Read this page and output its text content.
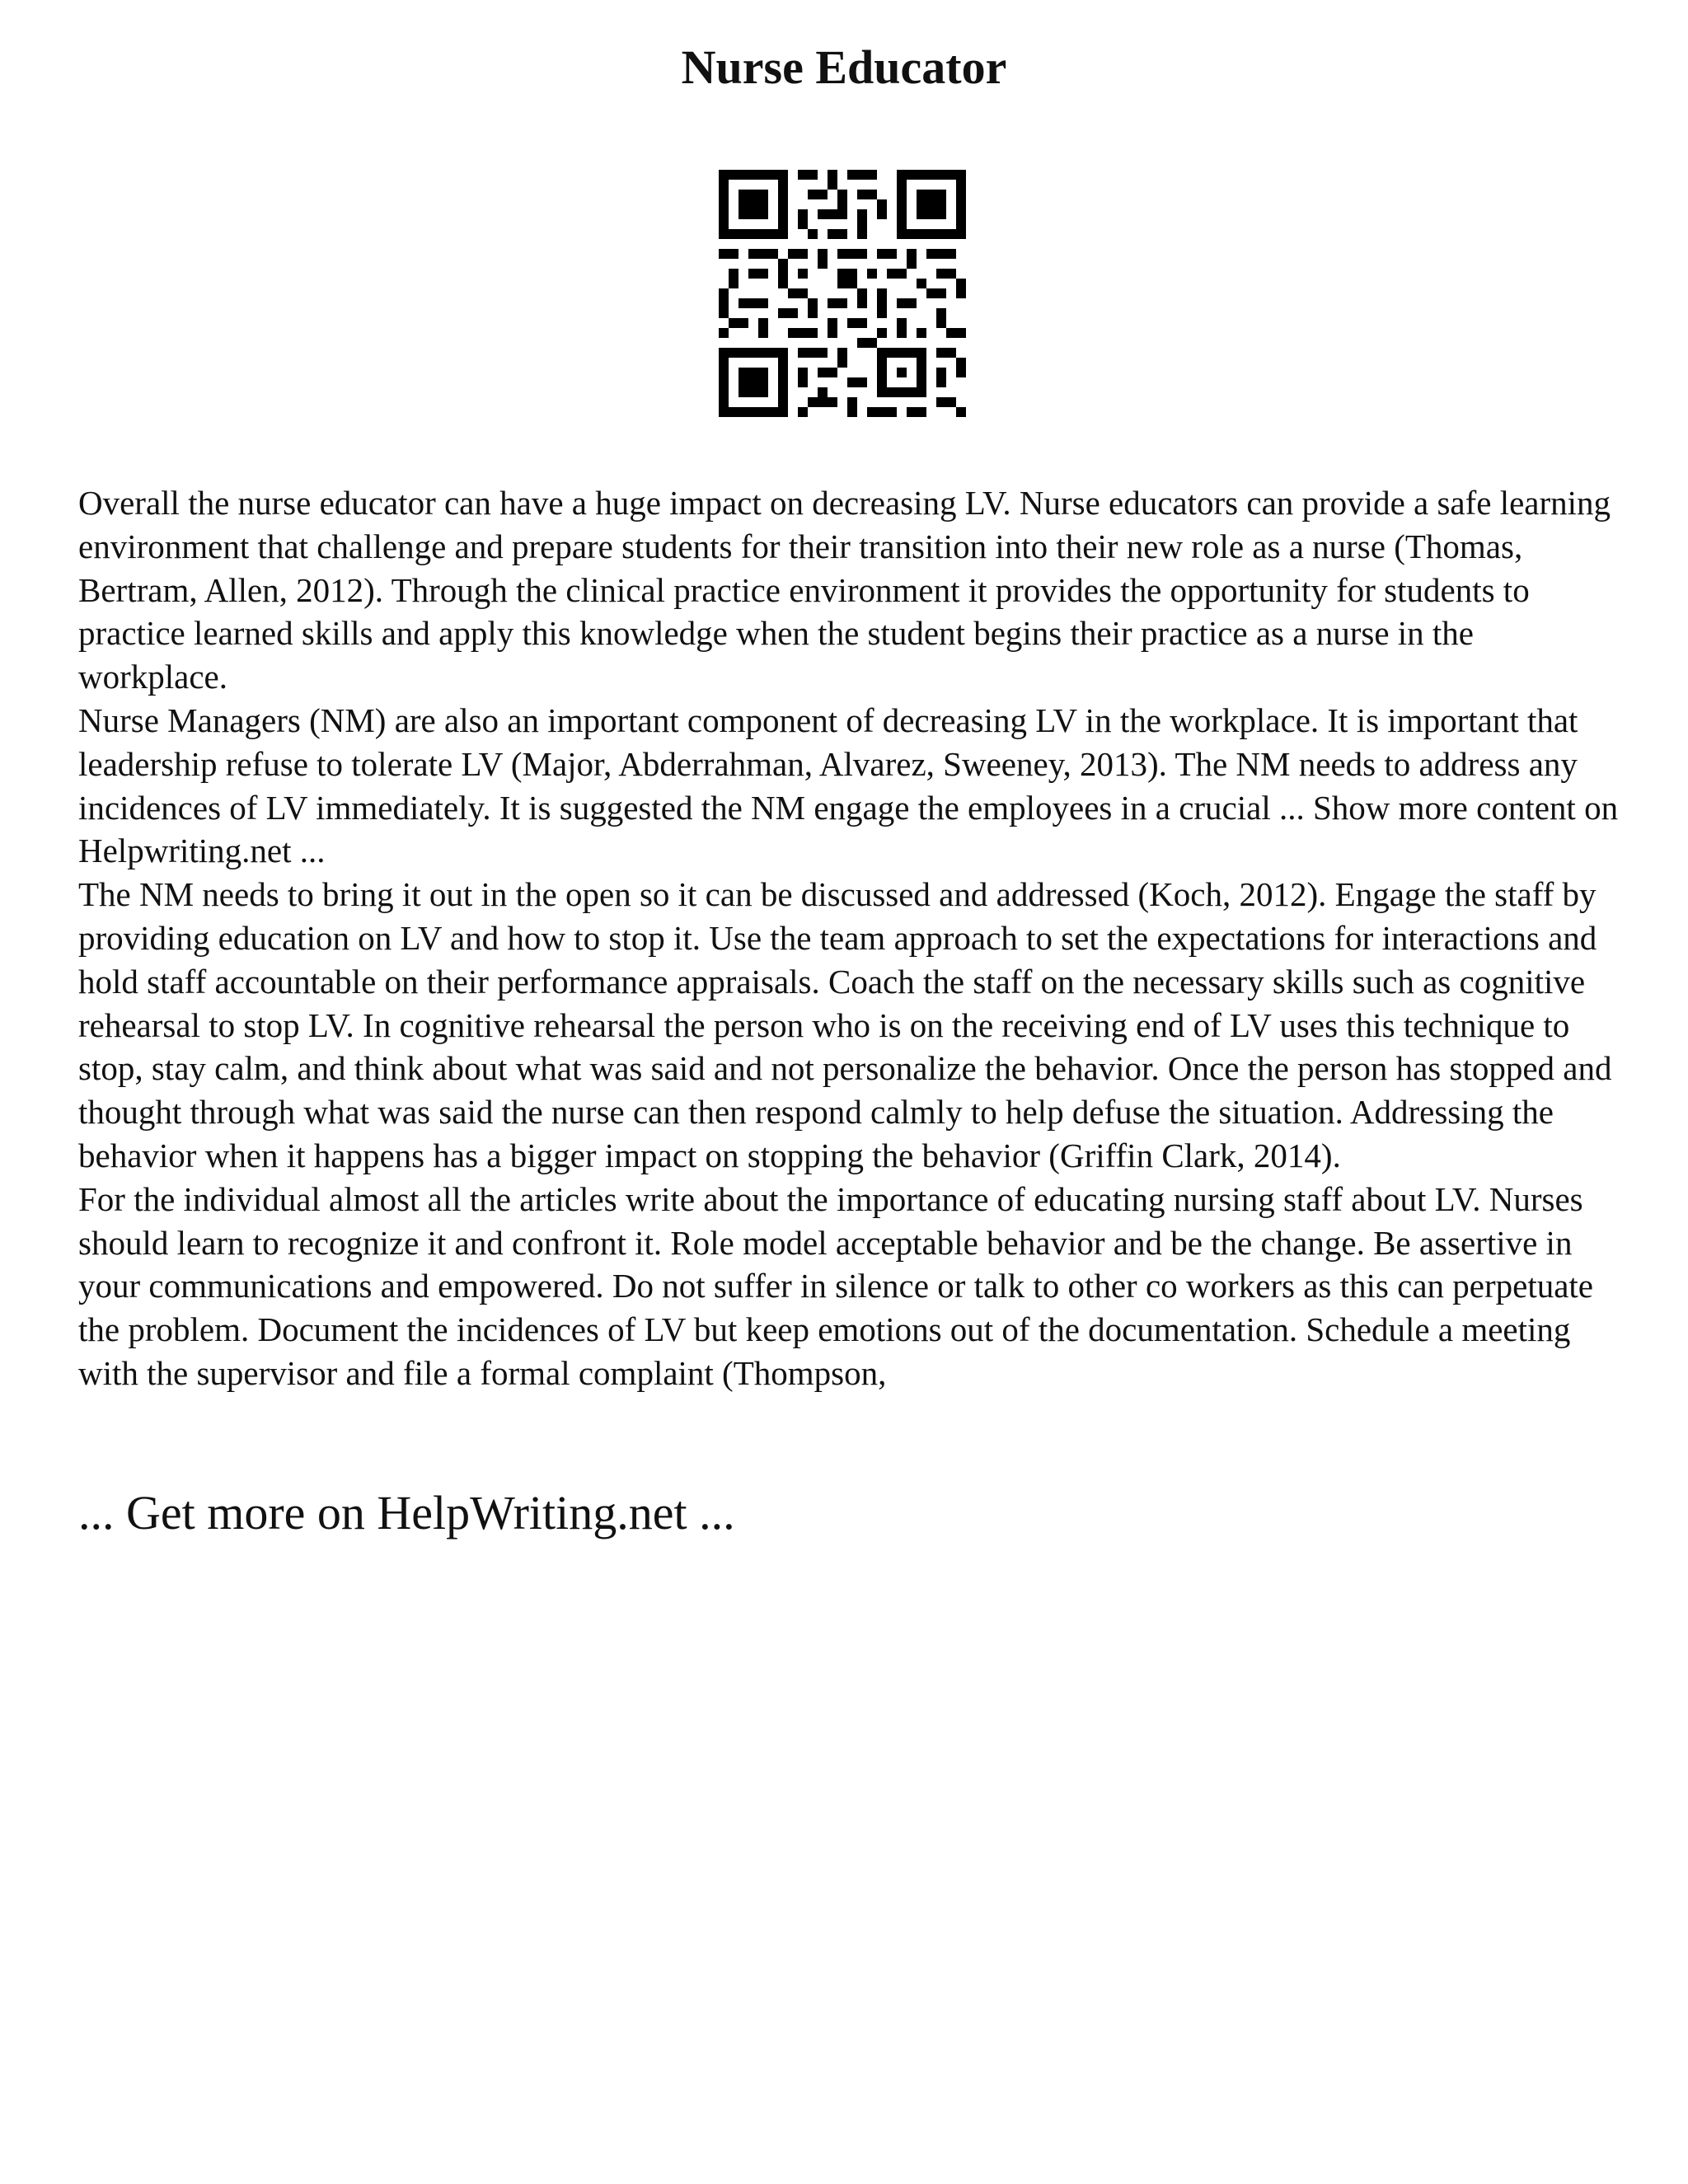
Nurse Educator

Overall the nurse educator can have a huge impact on decreasing LV. Nurse educators can provide a safe learning environment that challenge and prepare students for their transition into their new role as a nurse (Thomas, Bertram, Allen, 2012). Through the clinical practice environment it provides the opportunity for students to practice learned skills and apply this knowledge when the student begins their practice as a nurse in the workplace.

Nurse Managers (NM) are also an important component of decreasing LV in the workplace. It is important that leadership refuse to tolerate LV (Major, Abderrahman, Alvarez, Sweeney, 2013). The NM needs to address any incidences of LV immediately. It is suggested the NM engage the employees in a crucial ... Show more content on Helpwriting.net ...

The NM needs to bring it out in the open so it can be discussed and addressed (Koch, 2012). Engage the staff by providing education on LV and how to stop it. Use the team approach to set the expectations for interactions and hold staff accountable on their performance appraisals. Coach the staff on the necessary skills such as cognitive rehearsal to stop LV. In cognitive rehearsal the person who is on the receiving end of LV uses this technique to stop, stay calm, and think about what was said and not personalize the behavior. Once the person has stopped and thought through what was said the nurse can then respond calmly to help defuse the situation. Addressing the behavior when it happens has a bigger impact on stopping the behavior (Griffin Clark, 2014).

For the individual almost all the articles write about the importance of educating nursing staff about LV. Nurses should learn to recognize it and confront it. Role model acceptable behavior and be the change. Be assertive in your communications and empowered. Do not suffer in silence or talk to other co workers as this can perpetuate the problem. Document the incidences of LV but keep emotions out of the documentation. Schedule a meeting with the supervisor and file a formal complaint (Thompson,

... Get more on HelpWriting.net ...
